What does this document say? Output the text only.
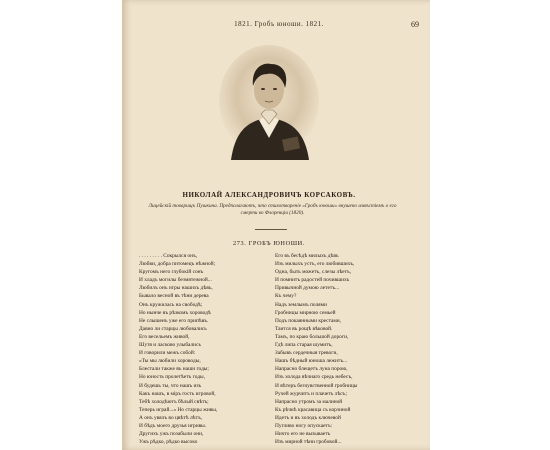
1821. Гробъ юноши. 1821.	69
НИКОЛАЙ АЛЕКСАНДРОВИЧЪ КОРСАКОВЪ.
Лицейскій товарищъ Пушкина. Предполагаютъ, что стихотвореніе «Гробъ юноши» внушено извѣстіемъ о его смерти во Флоренціи (1820).
273. ГРОБЪ ЮНОШИ.
. . . . . . . . . Сокрылся онъ,
Любви, добра питомецъ нѣжной;
Кругомъ него глубокій сонъ
И хладъ могилы безмятежной...
Любилъ онъ игры нашихъ дѣвъ,
Бывало весной въ тѣни дерева
Онъ кружилась на свободѣ;
Но нынче въ рѣзкомъ хороводѣ
Не слышенъ уже его припѣвъ.
Давно ли старцы любовались
Его весельемъ живой,
Шутя и ласково улыбались
И говорили межъ собой:
«Ты мы любили хороводы,
Блестали также въ наши годы;
Но юность пролетѣетъ годы,
И будешь ты, что нашъ изъ
Какъ нашъ, в міръ гость игровой,
Тебѣ холодѣютъ бѣлый свѣтъ;
Теперь играй...» Но старцы живы,
А онъ увялъ во цвѣтѣ лѣтъ,
И бѣдъ моего друзья игривы.
Другихъ ужъ позабыли они,
Ужъ рѣдко, рѣдко высоко
Его въ бесѣдѣ милыхъ дѣвъ
Изъ милыхъ устъ, его любившихъ,
Одна, быть можетъ, слезы лѣетъ,
И помнитъ радостей почившихъ
Привычной думою лететъ...
Къ чему?
Надъ землымъ полями
Гробницы мирною семьей
Подъ покаянными крестами,
Таится въ рощѣ вѣковой.
Тамъ, по краю большой дороги,
Гдѣ липа старая шумитъ,
Забывъ сердечныя тревоги,
Нашъ бѣдный юноша лежитъ...
Напрасно блещетъ луна порою,
Изъ холода вѣчнаго средь небесъ,
И вѣтеръ безчувственной гробницы
Ручей журчитъ и плачетъ лѣсъ;
Напрасно утромъ за малиной
Къ рѣчкѣ красавица съ корзиной
Идетъ и въ холодъ ключевой
Пугливо ногу опускаетъ:
Ничто его не вызываетъ
Изъ мирной тѣни гробовой...
